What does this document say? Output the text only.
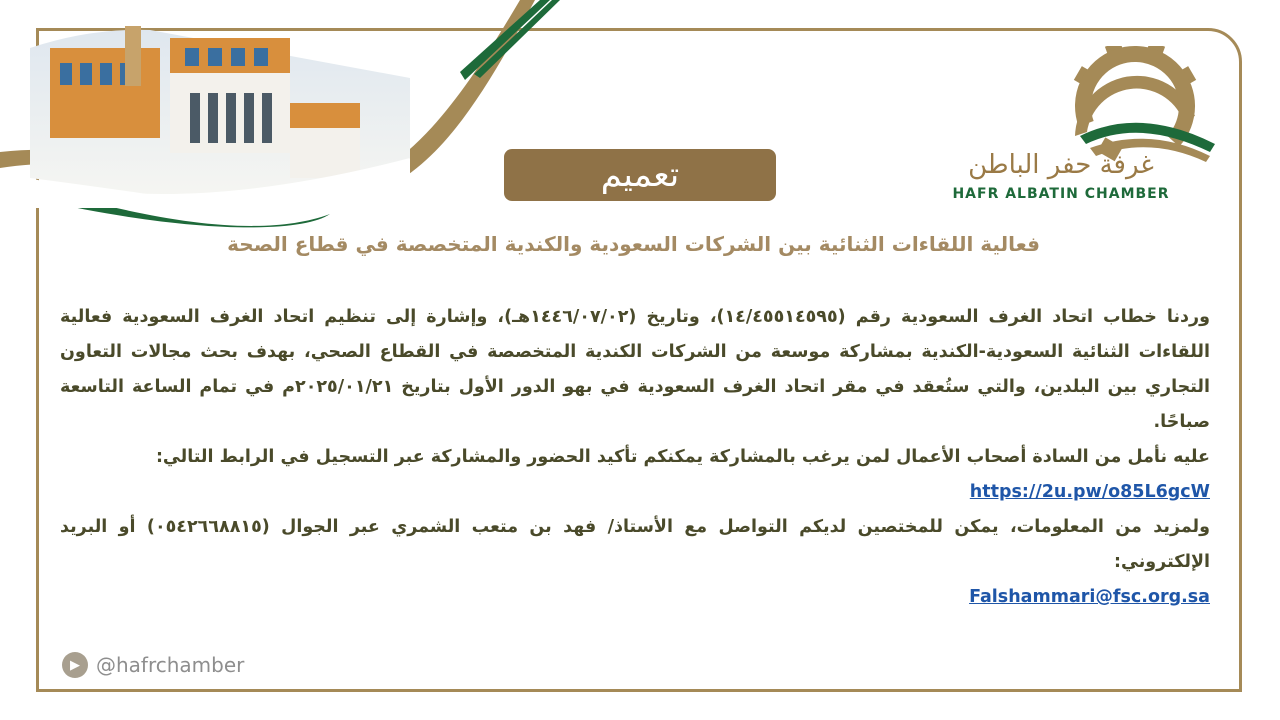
غرفة حفر الباطن
HAFR ALBATIN CHAMBER
تعميم
فعالية اللقاءات الثنائية بين الشركات السعودية والكندية المتخصصة في قطاع الصحة

وردنا خطاب اتحاد الغرف السعودية رقم (١٤/٤٥٥١٤٥٩٥)، وتاريخ (١٤٤٦/٠٧/٠٢هـ)، وإشارة إلى تنظيم اتحاد الغرف السعودية فعالية اللقاءات الثنائية السعودية-الكندية بمشاركة موسعة من الشركات الكندية المتخصصة في القطاع الصحي، بهدف بحث مجالات التعاون التجاري بين البلدين، والتي ستُعقد في مقر اتحاد الغرف السعودية في بهو الدور الأول بتاريخ ٢٠٢٥/٠١/٢١م في تمام الساعة التاسعة صباحًا.

عليه نأمل من السادة أصحاب الأعمال لمن يرغب بالمشاركة يمكنكم تأكيد الحضور والمشاركة عبر التسجيل في الرابط التالي:

https://2u.pw/o85L6gcW

ولمزيد من المعلومات، يمكن للمختصين لديكم التواصل مع الأستاذ/ فهد بن متعب الشمري عبر الجوال (٠٥٤٢٦٦٨٨١٥) أو البريد الإلكتروني:

Falshammari@fsc.org.sa

▶ @hafrchamber
